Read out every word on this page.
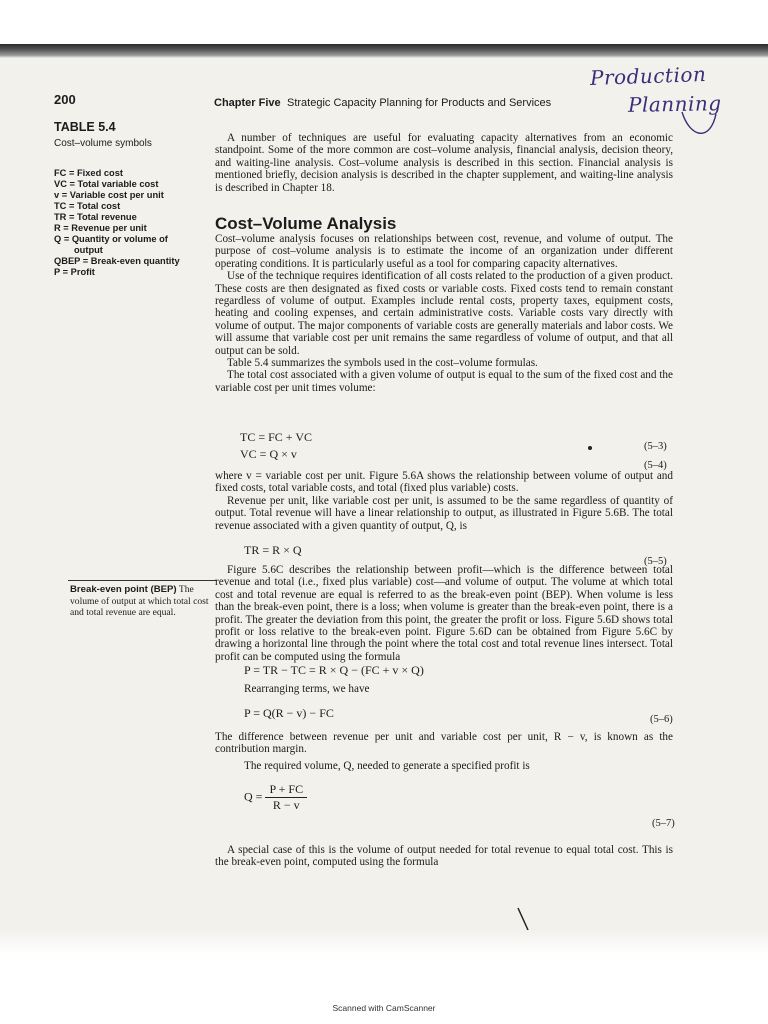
200	Chapter Five Strategic Capacity Planning for Products and Services
Production
Planning
TABLE 5.4
Cost–volume symbols
FC = Fixed cost
VC = Total variable cost
v = Variable cost per unit
TC = Total cost
TR = Total revenue
R = Revenue per unit
Q = Quantity or volume of
output
QBEP = Break-even quantity
P = Profit
Break-even point (BEP) The volume of output at which total cost and total revenue are equal.

A number of techniques are useful for evaluating capacity alternatives from an economic standpoint. Some of the more common are cost–volume analysis, financial analysis, decision theory, and waiting-line analysis. Cost–volume analysis is described in this section. Financial analysis is mentioned briefly, decision analysis is described in the chapter supplement, and waiting-line analysis is described in Chapter 18.

Cost–Volume Analysis

Cost–volume analysis focuses on relationships between cost, revenue, and volume of output. The purpose of cost–volume analysis is to estimate the income of an organization under different operating conditions. It is particularly useful as a tool for comparing capacity alternatives.

Use of the technique requires identification of all costs related to the production of a given product. These costs are then designated as fixed costs or variable costs. Fixed costs tend to remain constant regardless of volume of output. Examples include rental costs, property taxes, equipment costs, heating and cooling expenses, and certain administrative costs. Variable costs vary directly with volume of output. The major components of variable costs are generally materials and labor costs. We will assume that variable cost per unit remains the same regardless of volume of output, and that all output can be sold.

Table 5.4 summarizes the symbols used in the cost–volume formulas.

The total cost associated with a given volume of output is equal to the sum of the fixed cost and the variable cost per unit times volume:

TC = FC + VC
(5–3)
VC = Q × v
(5–4)

where v = variable cost per unit. Figure 5.6A shows the relationship between volume of output and fixed costs, total variable costs, and total (fixed plus variable) costs.

Revenue per unit, like variable cost per unit, is assumed to be the same regardless of quantity of output. Total revenue will have a linear relationship to output, as illustrated in Figure 5.6B. The total revenue associated with a given quantity of output, Q, is

TR = R × Q
(5–5)

Figure 5.6C describes the relationship between profit—which is the difference between total revenue and total (i.e., fixed plus variable) cost—and volume of output. The volume at which total cost and total revenue are equal is referred to as the break-even point (BEP). When volume is less than the break-even point, there is a loss; when volume is greater than the break-even point, there is a profit. The greater the deviation from this point, the greater the profit or loss. Figure 5.6D shows total profit or loss relative to the break-even point. Figure 5.6D can be obtained from Figure 5.6C by drawing a horizontal line through the point where the total cost and total revenue lines intersect. Total profit can be computed using the formula

P = TR − TC = R × Q − (FC + v × Q)
Rearranging terms, we have
P = Q(R − v) − FC	(5–6)

The difference between revenue per unit and variable cost per unit, R − v, is known as the contribution margin.

The required volume, Q, needed to generate a specified profit is
$Q = \frac{P + FC}{R - v}$
(5–7)

A special case of this is the volume of output needed for total revenue to equal total cost. This is the break-even point, computed using the formula

Scanned with CamScanner
